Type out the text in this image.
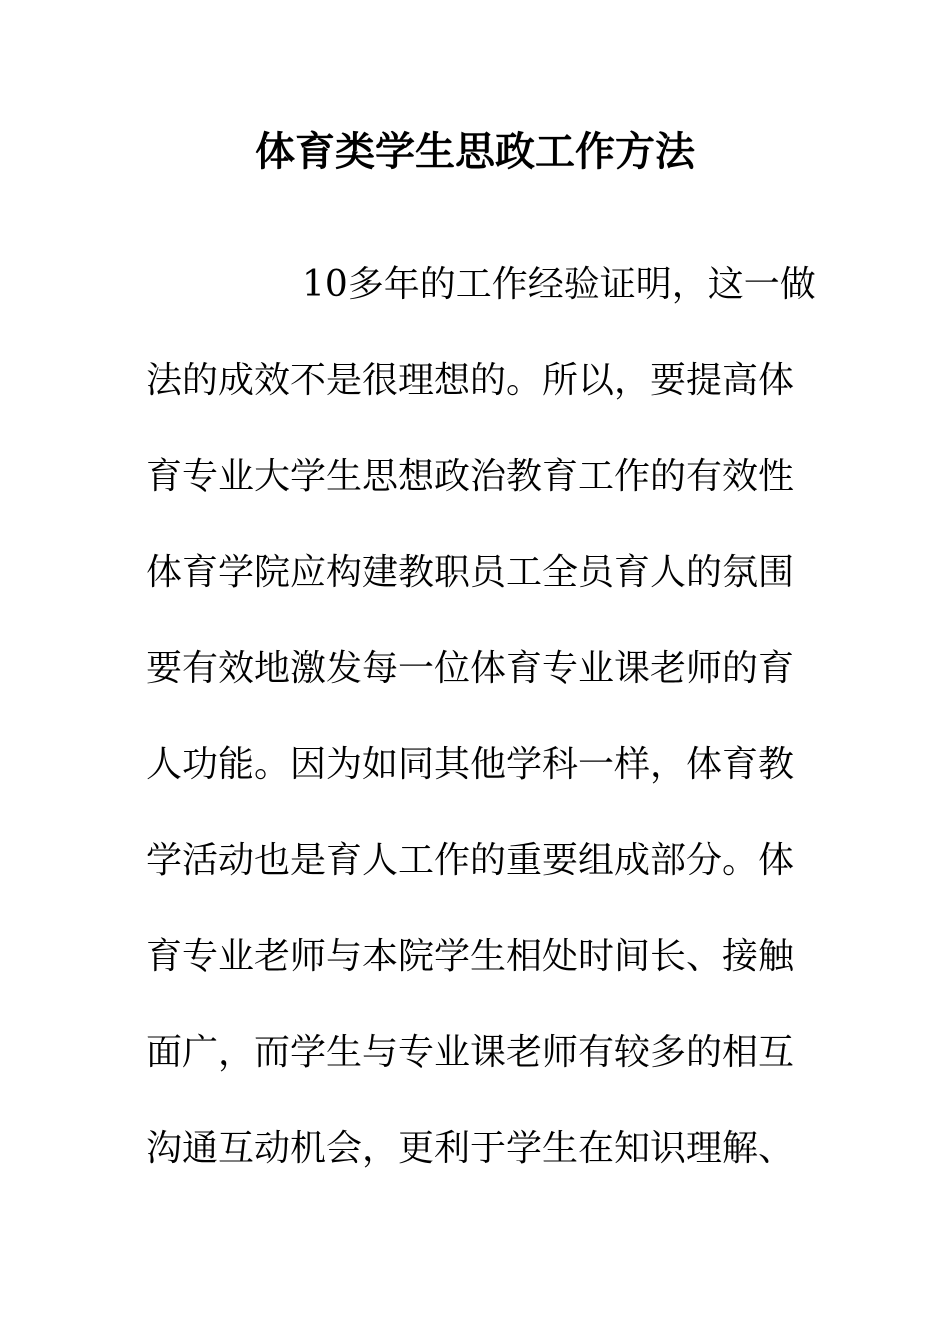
体育类学生思政工作方法
10多年的工作经验证明，这一做
法的成效不是很理想的。所以，要提高体
育专业大学生思想政治教育工作的有效性
体育学院应构建教职员工全员育人的氛围
要有效地激发每一位体育专业课老师的育
人功能。因为如同其他学科一样，体育教
学活动也是育人工作的重要组成部分。体
育专业老师与本院学生相处时间长、接触
面广，而学生与专业课老师有较多的相互
沟通互动机会，更利于学生在知识理解、
